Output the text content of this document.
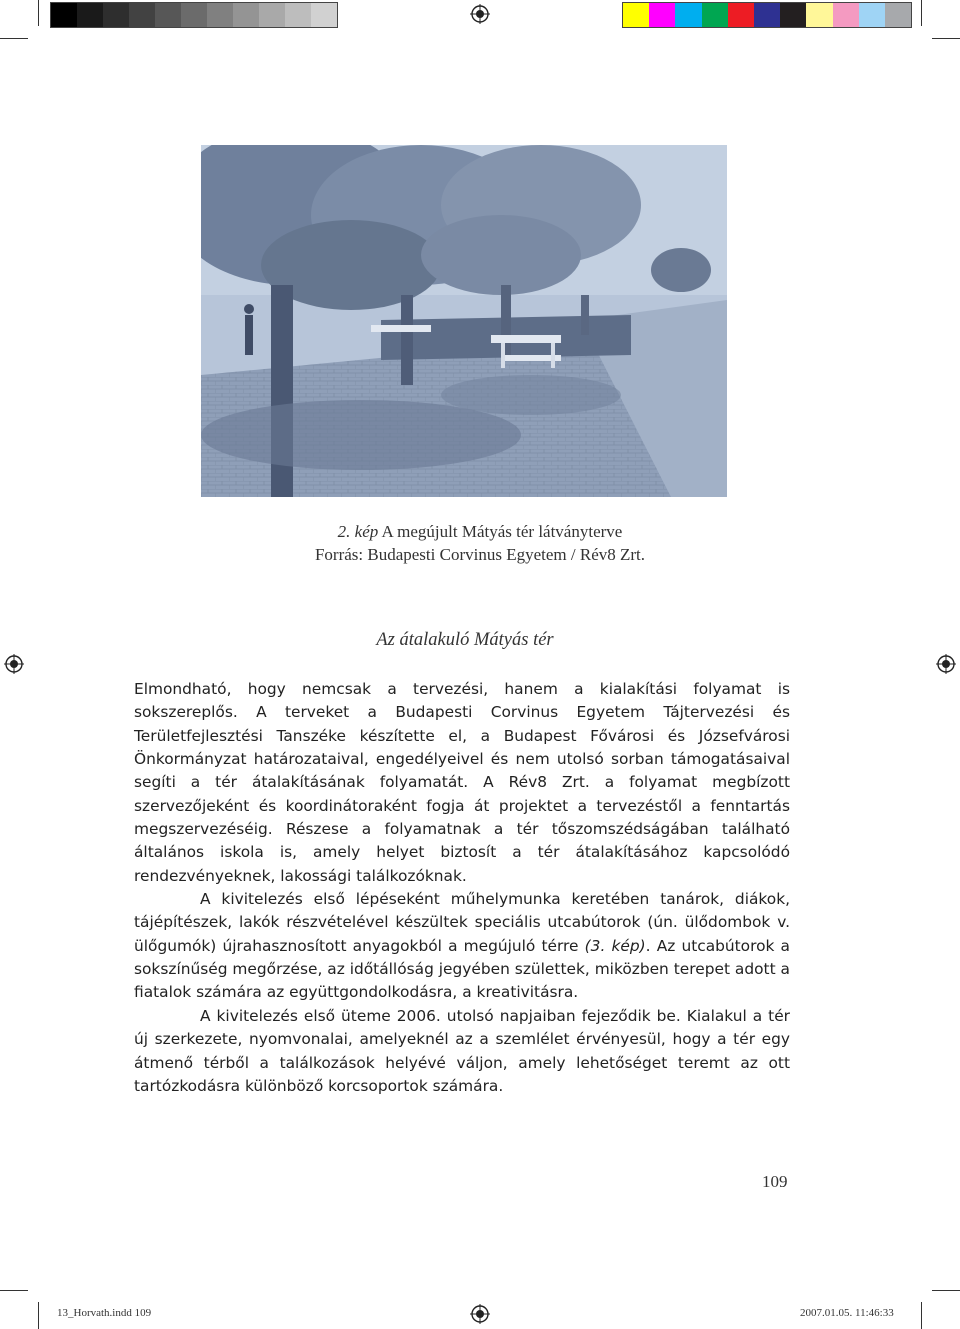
2. kép A megújult Mátyás tér látványterve
Forrás: Budapesti Corvinus Egyetem / Rév8 Zrt.
Az átalakuló Mátyás tér

Elmondható, hogy nemcsak a tervezési, hanem a kialakítási folyamat is sokszereplős. A terveket a Budapesti Corvinus Egyetem Tájtervezési és Területfejlesztési Tanszéke készítette el, a Budapest Fővárosi és Józsefvárosi Önkormányzat határozataival, engedélyeivel és nem utolsó sorban támogatásaival segíti a tér átalakításának folyamatát. A Rév8 Zrt. a folyamat megbízott szervezőjeként és koordinátoraként fogja át projektet a tervezéstől a fenntartás megszervezéséig. Részese a folyamatnak a tér tőszomszédságában található általános iskola is, amely helyet biztosít a tér átalakításához kapcsolódó rendezvényeknek, lakossági találkozóknak.

A kivitelezés első lépéseként műhelymunka keretében tanárok, diákok, tájépítészek, lakók részvételével készültek speciális utcabútorok (ún. ülődombok v. ülőgumók) újrahasznosított anyagokból a megújuló térre (3. kép). Az utcabútorok a sokszínűség megőrzése, az időtállóság jegyében születtek, miközben terepet adott a fiatalok számára az együttgondolkodásra, a kreativitásra.

A kivitelezés első üteme 2006. utolsó napjaiban fejeződik be. Kialakul a tér új szerkezete, nyomvonalai, amelyeknél az a szemlélet érvényesül, hogy a tér egy átmenő térből a találkozások helyévé váljon, amely lehetőséget teremt az ott tartózkodásra különböző korcsoportok számára.

109
13_Horvath.indd 109	2007.01.05. 11:46:33
